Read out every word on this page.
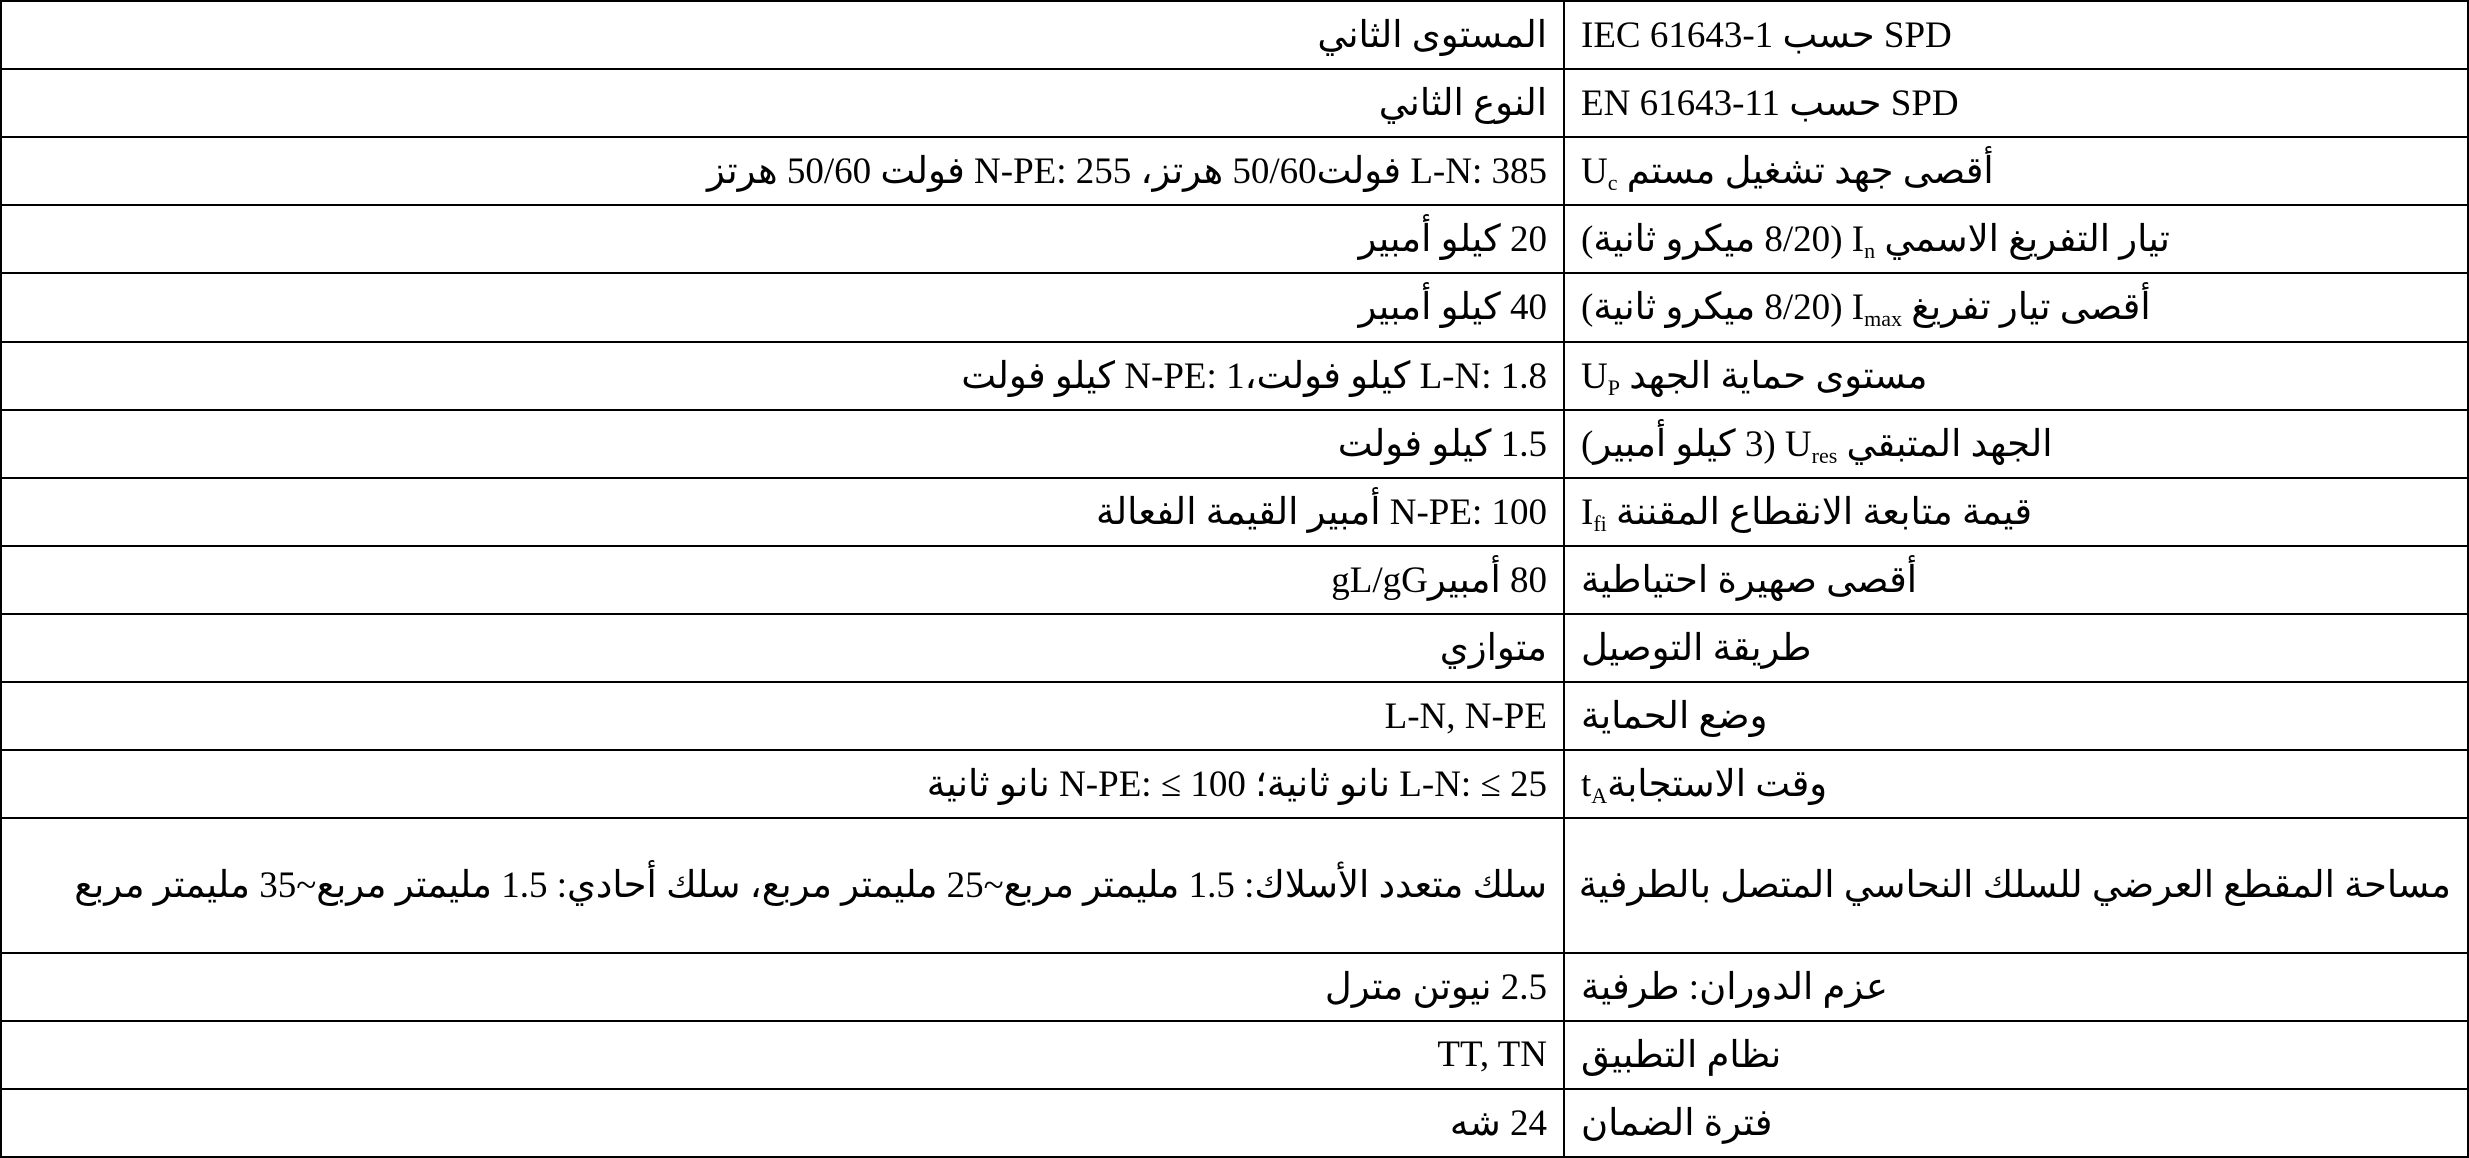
المستوى الثاني	SPD حسب IEC 61643-1
النوع الثاني	SPD حسب EN 61643-11
L-N: 385 فولت50/60 هرتز، N-PE: 255 فولت 50/60 هرتز	أقصى جهد تشغيل مستم $U_c$
20 كيلو أمبير	تيار التفريغ الاسمي $I_n$ (8/20 ميكرو ثانية)
40 كيلو أمبير	أقصى تيار تفريغ $I_{max}$ (8/20 ميكرو ثانية)
L-N: 1.8 كيلو فولت،N-PE: 1 كيلو فولت	مستوى حماية الجهد $U_P$
1.5 كيلو فولت	الجهد المتبقي $U_{res}$ (3 كيلو أمبير)
N-PE: 100 أمبير القيمة الفعالة	قيمة متابعة الانقطاع المقننة $I_{fi}$
80 أمبيرgL/gG	أقصى صهيرة احتياطية
متوازي	طريقة التوصيل
L-N, N-PE	وضع الحماية
L-N: ≤ 25 نانو ثانية؛ N-PE: ≤ 100 نانو ثانية	وقت الاستجابةt$_A$
سلك متعدد الأسلاك: 1.5 مليمتر مربع~25 مليمتر مربع، سلك أحادي: 1.5 مليمتر مربع~35 مليمتر مربع	مساحة المقطع العرضي للسلك النحاسي المتصل بالطرفية
2.5 نيوتن مترل	عزم الدوران: طرفية
TT, TN	نظام التطبيق
24 شه	فترة الضمان
